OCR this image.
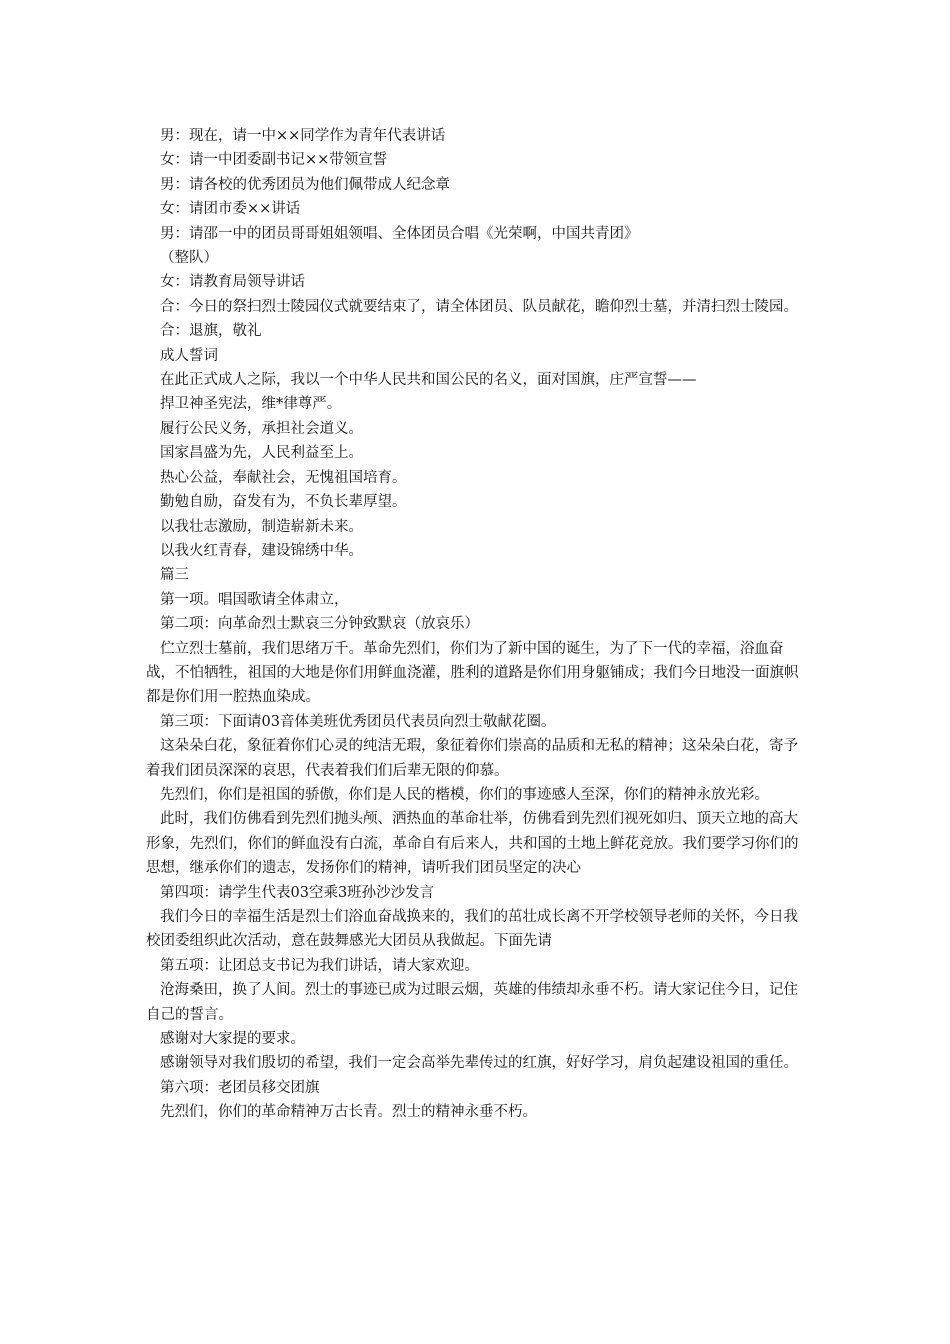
男：现在，请一中××同学作为青年代表讲话

女：请一中团委副书记××带领宣誓

男：请各校的优秀团员为他们佩带成人纪念章

女：请团市委××讲话

男：请邵一中的团员哥哥姐姐领唱、全体团员合唱《光荣啊，中国共青团》

（整队）

女：请教育局领导讲话

合：今日的祭扫烈士陵园仪式就要结束了，请全体团员、队员献花，瞻仰烈士墓，并清扫烈士陵园。

合：退旗，敬礼

成人誓词

在此正式成人之际，我以一个中华人民共和国公民的名义，面对国旗，庄严宣誓——

捍卫神圣宪法，维*律尊严。

履行公民义务，承担社会道义。

国家昌盛为先，人民利益至上。

热心公益，奉献社会，无愧祖国培育。

勤勉自励，奋发有为，不负长辈厚望。

以我壮志激励，制造崭新未来。

以我火红青春，建设锦绣中华。

篇三

第一项。唱国歌请全体肃立，

第二项：向革命烈士默哀三分钟致默哀（放哀乐）

伫立烈士墓前，我们思绪万千。革命先烈们，你们为了新中国的诞生，为了下一代的幸福，浴血奋战，不怕牺牲，祖国的大地是你们用鲜血浇灌，胜利的道路是你们用身躯铺成；我们今日地没一面旗帜都是你们用一腔热血染成。

第三项：下面请03音体美班优秀团员代表员向烈士敬献花圈。

这朵朵白花，象征着你们心灵的纯洁无瑕，象征着你们崇高的品质和无私的精神；这朵朵白花，寄予着我们团员深深的哀思，代表着我们们后辈无限的仰慕。

先烈们，你们是祖国的骄傲，你们是人民的楷模，你们的事迹感人至深，你们的精神永放光彩。

此时，我们仿佛看到先烈们抛头颅、洒热血的革命壮举，仿佛看到先烈们视死如归、顶天立地的高大形象，先烈们，你们的鲜血没有白流，革命自有后来人，共和国的土地上鲜花竞放。我们要学习你们的思想，继承你们的遗志，发扬你们的精神，请听我们团员坚定的决心

第四项：请学生代表03空乘3班孙沙沙发言

我们今日的幸福生活是烈士们浴血奋战换来的，我们的茁壮成长离不开学校领导老师的关怀，今日我校团委组织此次活动，意在鼓舞感光大团员从我做起。下面先请

第五项：让团总支书记为我们讲话，请大家欢迎。

沧海桑田，换了人间。烈士的事迹已成为过眼云烟，英雄的伟绩却永垂不朽。请大家记住今日，记住自己的誓言。

感谢对大家提的要求。

感谢领导对我们殷切的希望，我们一定会高举先辈传过的红旗，好好学习，肩负起建设祖国的重任。

第六项：老团员移交团旗

先烈们，你们的革命精神万古长青。烈士的精神永垂不朽。
